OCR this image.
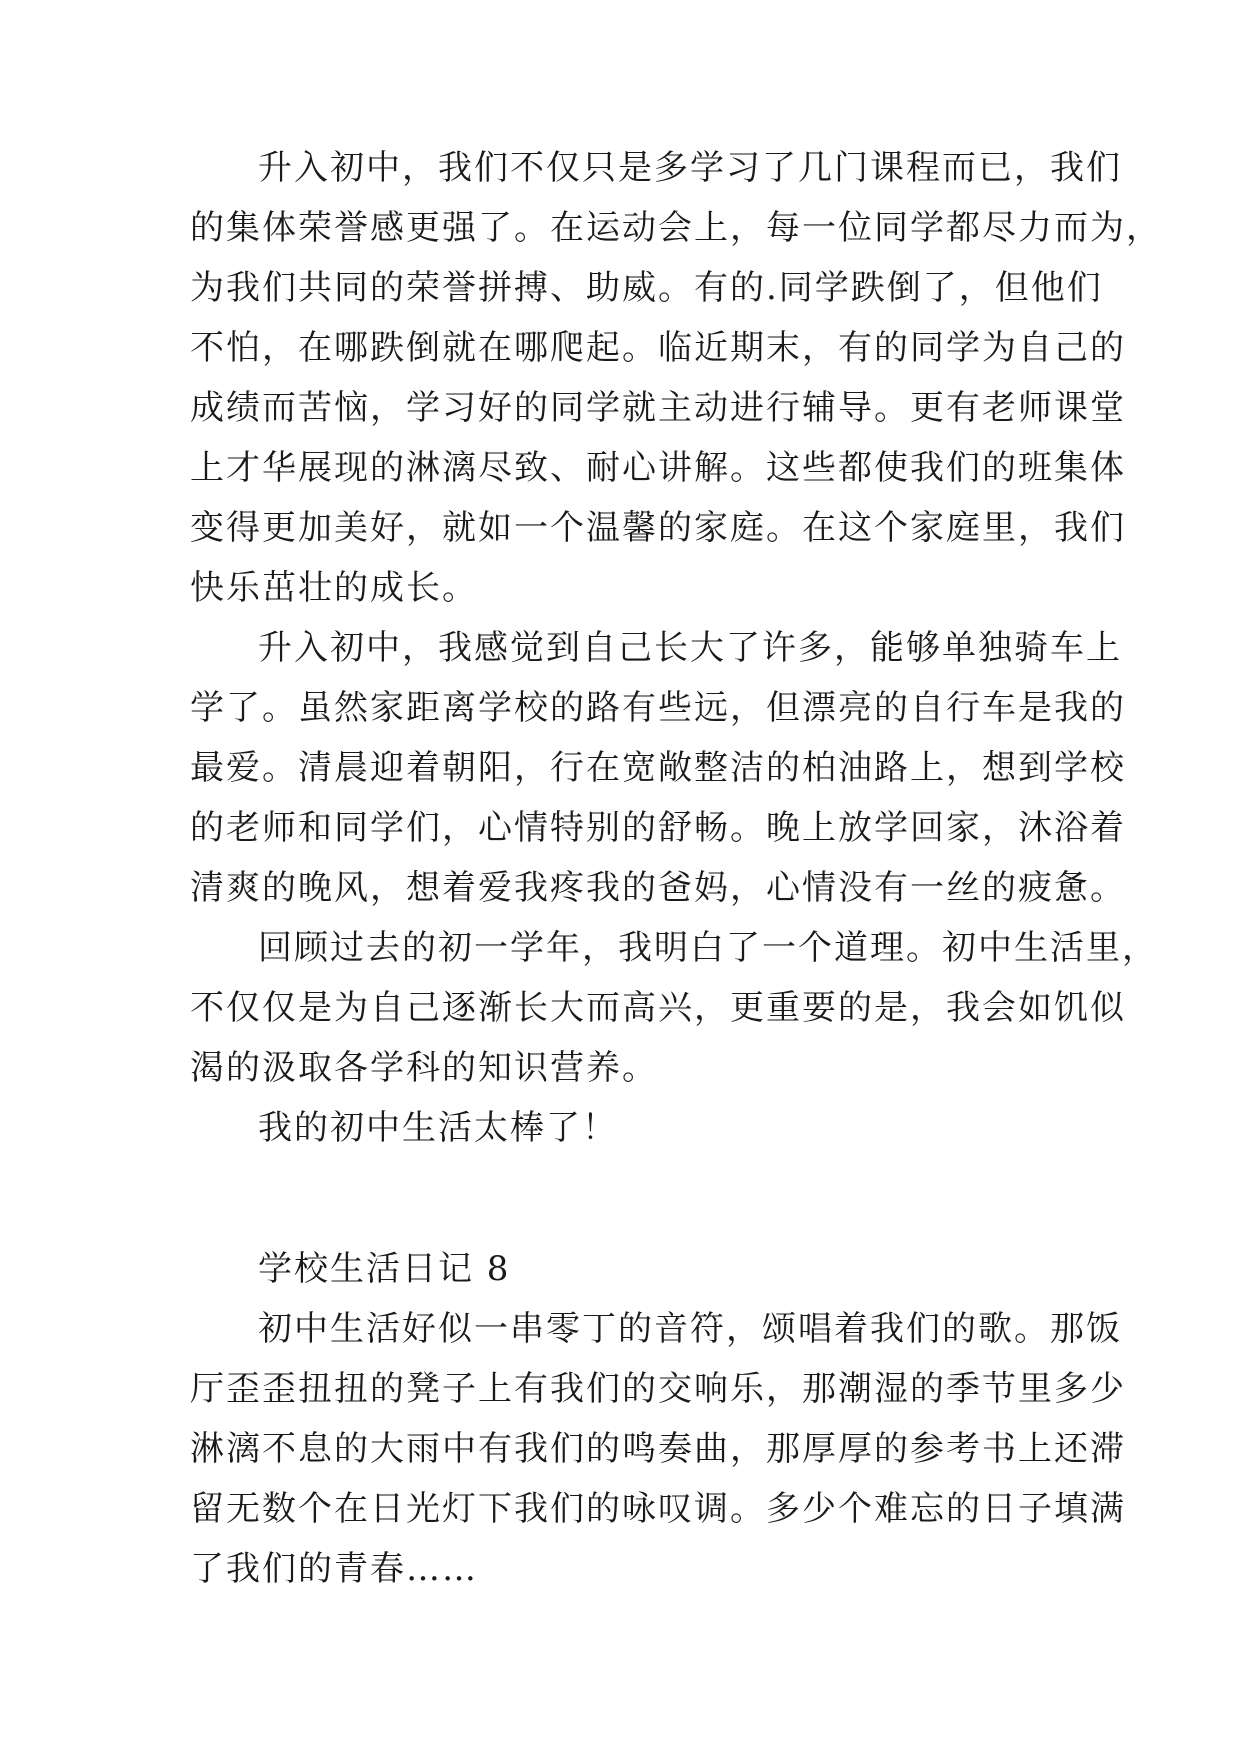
升入初中，我们不仅只是多学习了几门课程而已，我们
的集体荣誉感更强了。在运动会上，每一位同学都尽力而为，
为我们共同的荣誉拼搏、助威。有的.同学跌倒了，但他们
不怕，在哪跌倒就在哪爬起。临近期末，有的同学为自己的
成绩而苦恼，学习好的同学就主动进行辅导。更有老师课堂
上才华展现的淋漓尽致、耐心讲解。这些都使我们的班集体
变得更加美好，就如一个温馨的家庭。在这个家庭里，我们
快乐茁壮的成长。
升入初中，我感觉到自己长大了许多，能够单独骑车上
学了。虽然家距离学校的路有些远，但漂亮的自行车是我的
最爱。清晨迎着朝阳，行在宽敞整洁的柏油路上，想到学校
的老师和同学们，心情特别的舒畅。晚上放学回家，沐浴着
清爽的晚风，想着爱我疼我的爸妈，心情没有一丝的疲惫。
回顾过去的初一学年，我明白了一个道理。初中生活里，
不仅仅是为自己逐渐长大而高兴，更重要的是，我会如饥似
渴的汲取各学科的知识营养。
我的初中生活太棒了！
学校生活日记 8
初中生活好似一串零丁的音符，颂唱着我们的歌。那饭
厅歪歪扭扭的凳子上有我们的交响乐，那潮湿的季节里多少
淋漓不息的大雨中有我们的鸣奏曲，那厚厚的参考书上还滞
留无数个在日光灯下我们的咏叹调。多少个难忘的日子填满
了我们的青春……
